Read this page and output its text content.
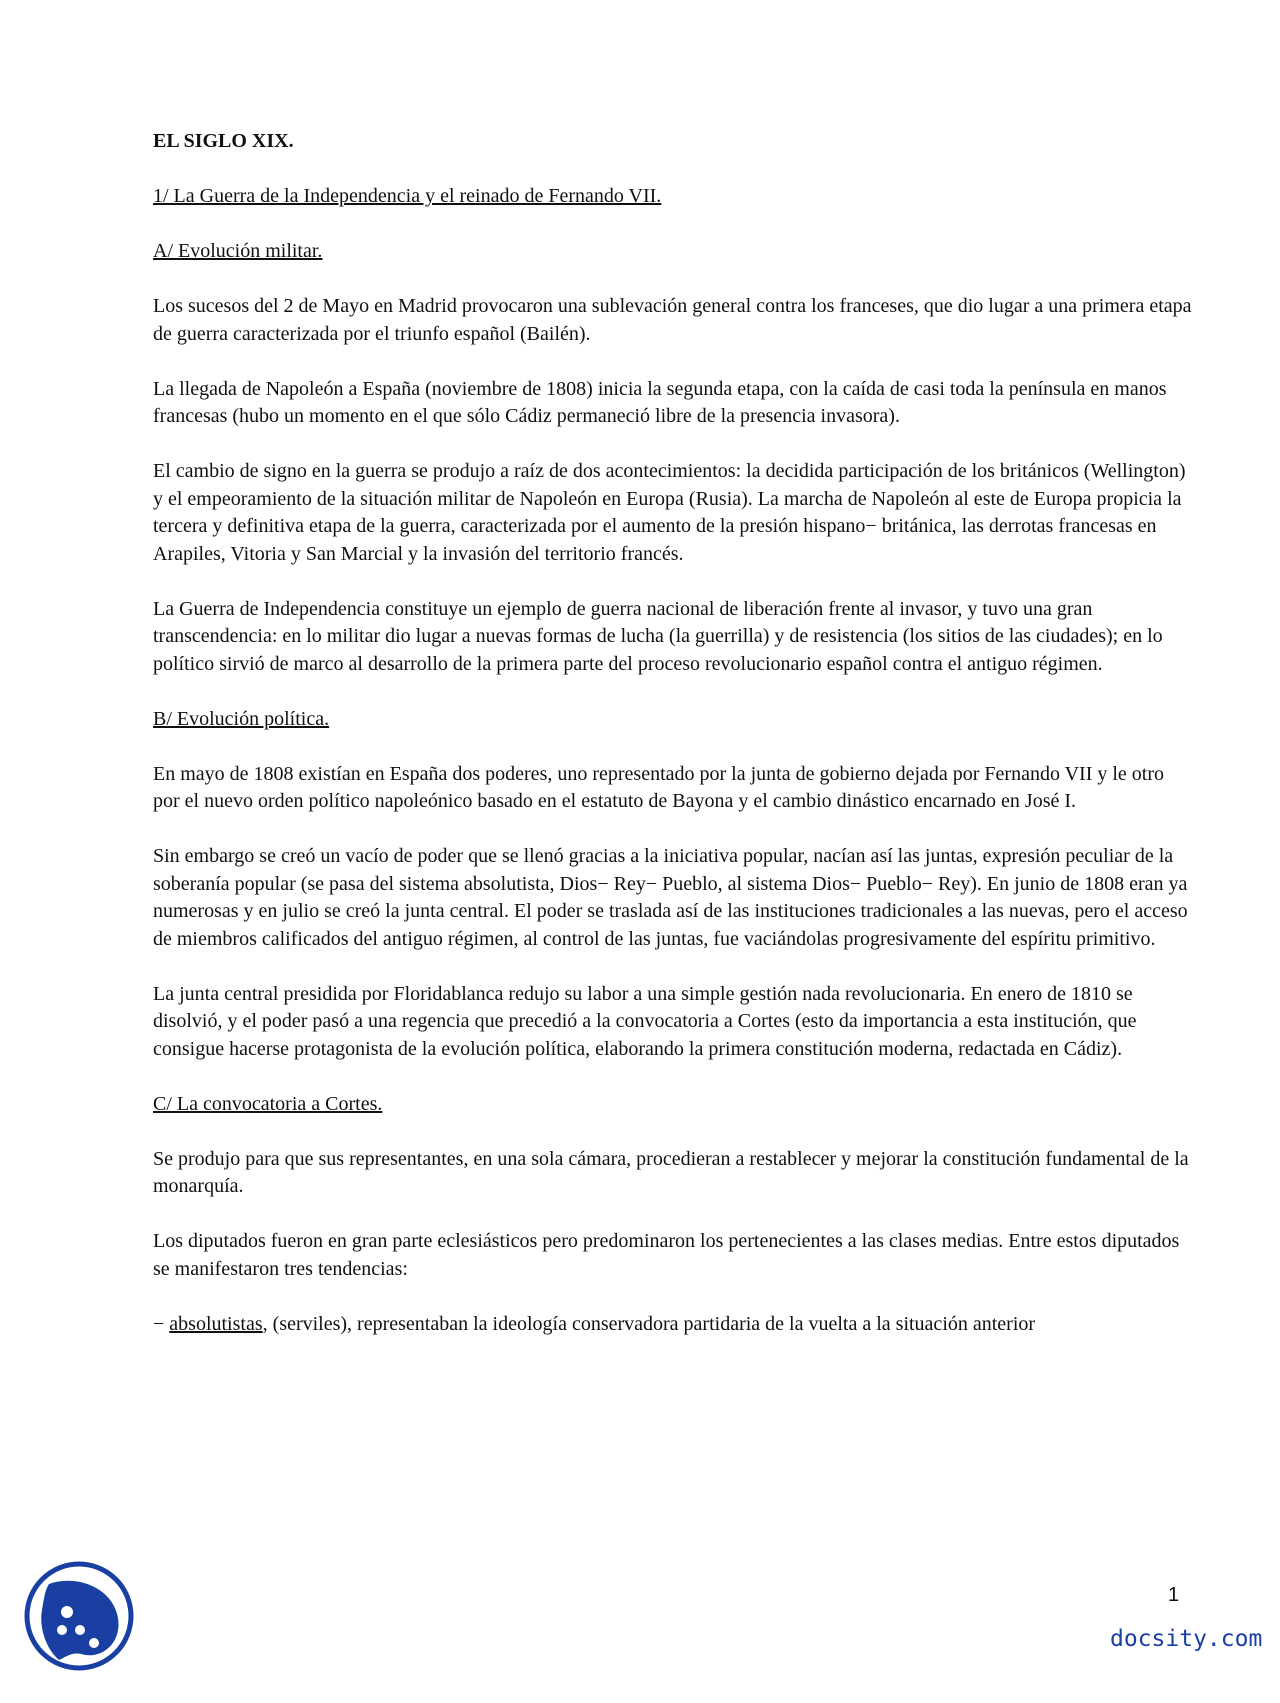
EL SIGLO XIX.

1/ La Guerra de la Independencia y el reinado de Fernando VII.

A/ Evolución militar.

Los sucesos del 2 de Mayo en Madrid provocaron una sublevación general contra los franceses, que dio lugar a una primera etapa de guerra caracterizada por el triunfo español (Bailén).

La llegada de Napoleón a España (noviembre de 1808) inicia la segunda etapa, con la caída de casi toda la península en manos francesas (hubo un momento en el que sólo Cádiz permaneció libre de la presencia invasora).

El cambio de signo en la guerra se produjo a raíz de dos acontecimientos: la decidida participación de los británicos (Wellington) y el empeoramiento de la situación militar de Napoleón en Europa (Rusia). La marcha de Napoleón al este de Europa propicia la tercera y definitiva etapa de la guerra, caracterizada por el aumento de la presión hispano− británica, las derrotas francesas en Arapiles, Vitoria y San Marcial y la invasión del territorio francés.

La Guerra de Independencia constituye un ejemplo de guerra nacional de liberación frente al invasor, y tuvo una gran transcendencia: en lo militar dio lugar a nuevas formas de lucha (la guerrilla) y de resistencia (los sitios de las ciudades); en lo político sirvió de marco al desarrollo de la primera parte del proceso revolucionario español contra el antiguo régimen.

B/ Evolución política.

En mayo de 1808 existían en España dos poderes, uno representado por la junta de gobierno dejada por Fernando VII y le otro por el nuevo orden político napoleónico basado en el estatuto de Bayona y el cambio dinástico encarnado en José I.

Sin embargo se creó un vacío de poder que se llenó gracias a la iniciativa popular, nacían así las juntas, expresión peculiar de la soberanía popular (se pasa del sistema absolutista, Dios− Rey− Pueblo, al sistema Dios− Pueblo− Rey). En junio de 1808 eran ya numerosas y en julio se creó la junta central. El poder se traslada así de las instituciones tradicionales a las nuevas, pero el acceso de miembros calificados del antiguo régimen, al control de las juntas, fue vaciándolas progresivamente del espíritu primitivo.

La junta central presidida por Floridablanca redujo su labor a una simple gestión nada revolucionaria. En enero de 1810 se disolvió, y el poder pasó a una regencia que precedió a la convocatoria a Cortes (esto da importancia a esta institución, que consigue hacerse protagonista de la evolución política, elaborando la primera constitución moderna, redactada en Cádiz).

C/ La convocatoria a Cortes.

Se produjo para que sus representantes, en una sola cámara, procedieran a restablecer y mejorar la constitución fundamental de la monarquía.

Los diputados fueron en gran parte eclesiásticos pero predominaron los pertenecientes a las clases medias. Entre estos diputados se manifestaron tres tendencias:

− absolutistas, (serviles), representaban la ideología conservadora partidaria de la vuelta a la situación anterior

1
docsity.com
